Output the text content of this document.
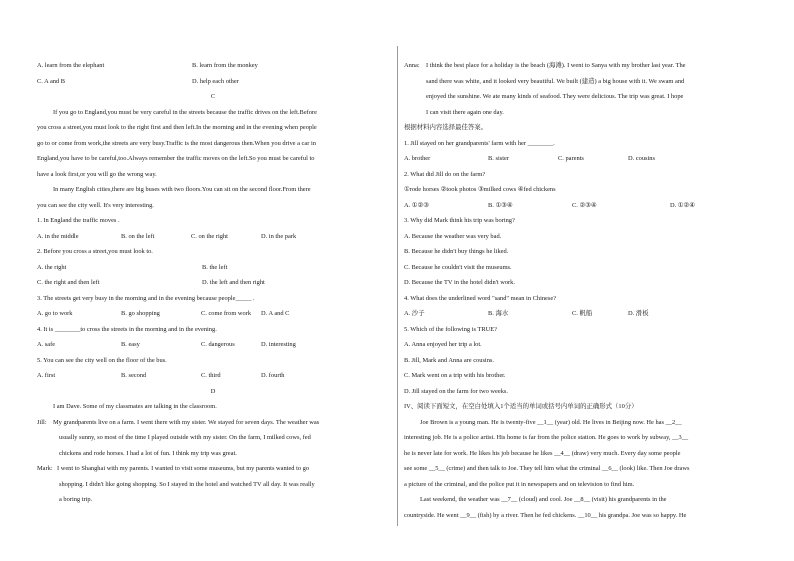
A. learn from the elephant	B. learn from the monkey
C. A and B	D. help each other
C
If you go to England,you must be very careful in the streets because the traffic drives on the left.Before
you cross a street,you must look to the right first and then left.In the morning and in the evening when people
go to or come from work,the streets are very busy.Traffic is the most dangerous then.When you drive a car in
England,you have to be careful,too.Always remember the traffic moves on the left.So you must be careful to
have a look first,or you will go the wrong way.
In many English cities,there are big buses with two floors.You can sit on the second floor.From there
you can see the city well. It's very interesting.
1. In England the traffic moves .
A. in the middle	B. on the left	C. on the right	D. in the park
2. Before you cross a street,you must look to.
A. the right	B. the left
C. the right and then left	D. the left and then right
3. The streets get very busy in the morning and in the evening because people_____ .
A. go to work	B. go shopping	C. come from work D. A and C
4. It is ________to cross the streets in the morning and in the evening.
A. safe	B. easy	C. dangerous	D. interesting
5. You can see the city well on the floor of the bus.
A. first	B. second	C. third	D. fourth
D
I am Dave. Some of my classmates are talking in the classroom.
Jill: My grandparents live on a farm. I went there with my sister. We stayed for seven days. The weather was
usually sunny, so most of the time I played outside with my sister. On the farm, I milked cows, fed
chickens and rode horses. I had a lot of fun. I think my trip was great.
Mark: I went to Shanghai with my parents. I wanted to visit some museums, but my parents wanted to go
shopping. I didn't like going shopping. So I stayed in the hotel and watched TV all day. It was really
a boring trip.
Anna: I think the best place for a holiday is the beach (海滩). I went to Sanya with my brother last year. The
sand there was white, and it looked very beautiful. We built (建造) a big house with it. We swam and
enjoyed the sunshine. We ate many kinds of seafood. They were delicious. The trip was great. I hope
I can visit there again one day.
根据材料内容选择最佳答案。
1. Jill stayed on her grandparents' farm with her ________.
A. brother	B. sister	C. parents	D. cousins
2. What did Jill do on the farm?
①rode horses ②took photos ③milked cows ④fed chickens
A. ①②③	B. ①③④	C. ②③④	D. ①②④
3. Why did Mark think his trip was boring?
A. Because the weather was very bad.
B. Because he didn't buy things he liked.
C. Because he couldn't visit the museums.
D. Because the TV in the hotel didn't work.
4. What does the underlined word "sand" mean in Chinese?
A. 沙子	B. 海水	C. 帆船	D. 滑板
5. Which of the following is TRUE?
A. Anna enjoyed her trip a lot.
B. Jill, Mark and Anna are cousins.
C. Mark went on a trip with his brother.
D. Jill stayed on the farm for two weeks.
IV、阅读下面短文，在空白处填入1个适当的单词或括号内单词的正确形式（10分）
Joe Brown is a young man. He is twenty-five __1__ (year) old. He lives in Beijing now. He has __2__
interesting job. He is a police artist. His home is far from the police station. He goes to work by subway, __3__
he is never late for work. He likes his job because he likes __4__ (draw) very much. Every day some people
see some __5__ (crime) and then talk to Joe. They tell him what the criminal __6__ (look) like. Then Joe draws
a picture of the criminal, and the police put it in newspapers and on television to find him.
Last weekend, the weather was __7__ (cloud) and cool. Joe __8__ (visit) his grandparents in the
countryside. He went __9__ (fish) by a river. Then he fed chickens. __10__ his grandpa. Joe was so happy. He
